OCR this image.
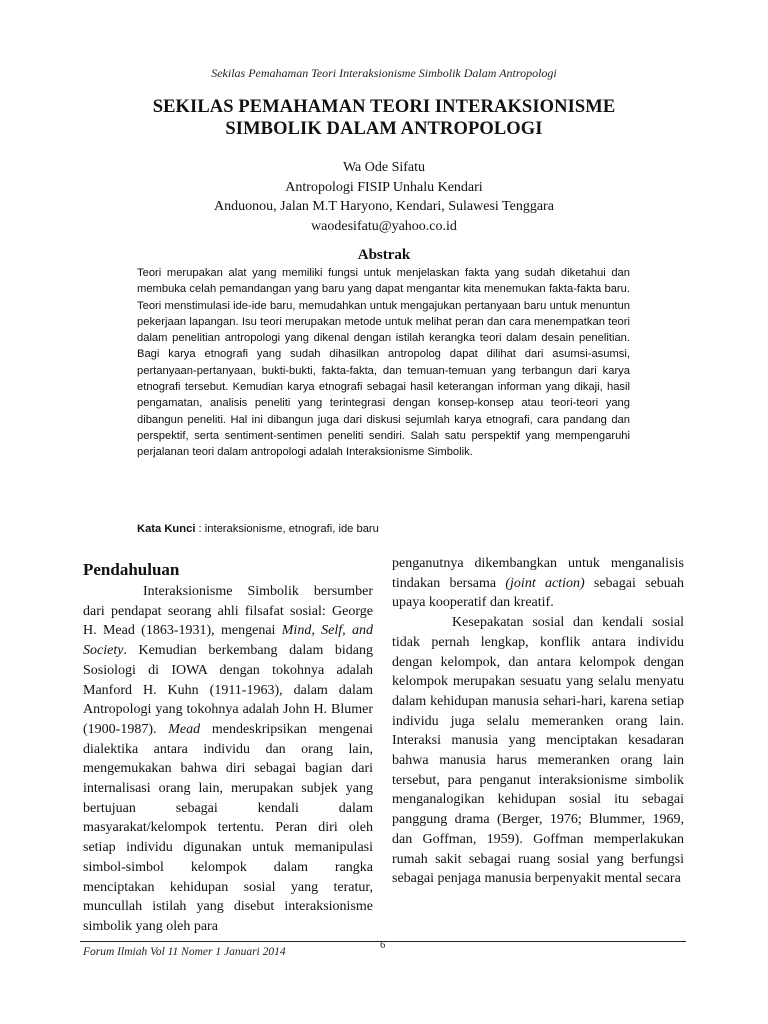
Sekilas Pemahaman Teori Interaksionisme Simbolik Dalam Antropologi
SEKILAS PEMAHAMAN TEORI INTERAKSIONISME
SIMBOLIK DALAM ANTROPOLOGI
Wa Ode Sifatu
Antropologi FISIP Unhalu Kendari
Anduonou, Jalan M.T Haryono, Kendari, Sulawesi Tenggara
waodesifatu@yahoo.co.id
Abstrak
Teori merupakan alat yang memiliki fungsi untuk menjelaskan fakta yang sudah diketahui dan membuka celah pemandangan yang baru yang dapat mengantar kita menemukan fakta-fakta baru. Teori menstimulasi ide-ide baru, memudahkan untuk mengajukan pertanyaan baru untuk menuntun pekerjaan lapangan. Isu teori merupakan metode untuk melihat peran dan cara menempatkan teori dalam penelitian antropologi yang dikenal dengan istilah kerangka teori dalam desain penelitian. Bagi karya etnografi yang sudah dihasilkan antropolog dapat dilihat dari asumsi-asumsi, pertanyaan-pertanyaan, bukti-bukti, fakta-fakta, dan temuan-temuan yang terbangun dari karya etnografi tersebut. Kemudian karya etnografi sebagai hasil keterangan informan yang dikaji, hasil pengamatan, analisis peneliti yang terintegrasi dengan konsep-konsep atau teori-teori yang dibangun peneliti. Hal ini dibangun juga dari diskusi sejumlah karya etnografi, cara pandang dan perspektif, serta sentiment-sentimen peneliti sendiri. Salah satu perspektif yang mempengaruhi perjalanan teori dalam antropologi adalah Interaksionisme Simbolik.
Kata Kunci : interaksionisme, etnografi, ide baru
Pendahuluan

Interaksionisme Simbolik bersumber dari pendapat seorang ahli filsafat sosial: George H. Mead (1863-1931), mengenai Mind, Self, and Society. Kemudian berkembang dalam bidang Sosiologi di IOWA dengan tokohnya adalah Manford H. Kuhn (1911-1963), dalam dalam Antropologi yang tokohnya adalah John H. Blumer (1900-1987). Mead mendeskripsikan mengenai dialektika antara individu dan orang lain, mengemukakan bahwa diri sebagai bagian dari internalisasi orang lain, merupakan subjek yang bertujuan sebagai kendali dalam masyarakat/kelompok tertentu. Peran diri oleh setiap individu digunakan untuk memanipulasi simbol-simbol kelompok dalam rangka menciptakan kehidupan sosial yang teratur, muncullah istilah yang disebut interaksionisme simbolik yang oleh para

penganutnya dikembangkan untuk menganalisis tindakan bersama (joint action) sebagai sebuah upaya kooperatif dan kreatif.

Kesepakatan sosial dan kendali sosial tidak pernah lengkap, konflik antara individu dengan kelompok, dan antara kelompok dengan kelompok merupakan sesuatu yang selalu menyatu dalam kehidupan manusia sehari-hari, karena setiap individu juga selalu memeranken orang lain. Interaksi manusia yang menciptakan kesadaran bahwa manusia harus memeranken orang lain tersebut, para penganut interaksionisme simbolik menganalogikan kehidupan sosial itu sebagai panggung drama (Berger, 1976; Blummer, 1969, dan Goffman, 1959). Goffman memperlakukan rumah sakit sebagai ruang sosial yang berfungsi sebagai penjaga manusia berpenyakit mental secara

Forum Ilmiah Vol 11 Nomer 1 Januari 2014
6
